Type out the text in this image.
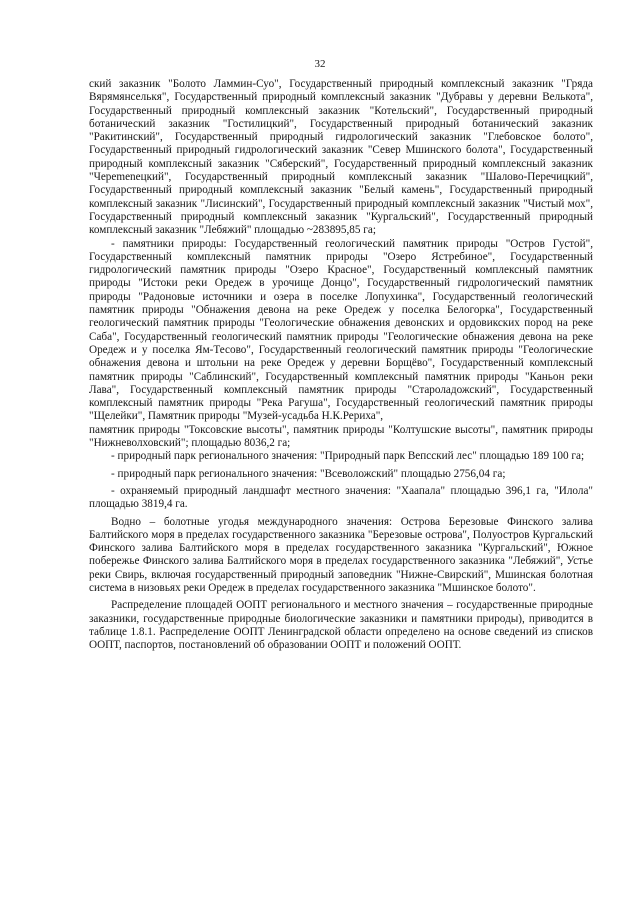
32

ский заказник "Болото Ламмин-Суо", Государственный природный комплексный заказник "Гряда Вярямянселькя", Государственный природный комплексный заказник "Дубравы у деревни Велькота", Государственный природный комплексный заказник "Котельский", Государственный природный ботанический заказник "Гостилицкий", Государственный природный ботанический заказник "Ракитинский", Государственный природный гидрологический заказник "Глебовское болото", Государственный природный гидрологический заказник "Север Мшинского болота", Государственный природный комплексный заказник "Сяберский", Государственный природный комплексный заказник "Черemeneцкий", Государственный природный комплексный заказник "Шалово-Перечицкий", Государственный природный комплексный заказник "Белый камень", Государственный природный комплексный заказник "Лисинский", Государственный природный комплексный заказник "Чистый мох", Государственный природный комплексный заказник "Кургальский", Государственный природный комплексный заказник "Лебяжий" площадью ~283895,85 га;

- памятники природы: Государственный геологический памятник природы "Остров Густой", Государственный комплексный памятник природы "Озеро Ястребиное", Государственный гидрологический памятник природы "Озеро Красное", Государственный комплексный памятник природы "Истоки реки Оредеж в урочище Донцо", Государственный гидрологический памятник природы "Радоновые источники и озера в поселке Лопухинка", Государственный геологический памятник природы "Обнажения девона на реке Оредеж у поселка Белогорка", Государственный геологический памятник природы "Геологические обнажения девонских и ордовикских пород на реке Саба", Государственный геологический памятник природы "Геологические обнажения девона на реке Оредеж и у поселка Ям-Тесово", Государственный геологический памятник природы "Геологические обнажения девона и штольни на реке Оредеж у деревни Борщёво", Государственный комплексный памятник природы "Саблинский", Государственный комплексный памятник природы "Каньон реки Лава", Государственный комплексный памятник природы "Староладожский", Государственный комплексный памятник природы "Река Рагуша", Государственный геологический памятник природы "Щелейки", Памятник природы "Музей-усадьба Н.К.Рериха",

памятник природы "Токсовские высоты", памятник природы "Колтушские высоты", памятник природы "Нижневолховский"; площадью 8036,2 га;

- природный парк регионального значения: "Природный парк Вепсский лес" площадью 189 100 га;

- природный парк регионального значения: "Всеволожский" площадью 2756,04 га;

- охраняемый природный ландшафт местного значения: "Хаапала" площадью 396,1 га, "Илола" площадью 3819,4 га.

Водно – болотные угодья международного значения: Острова Березовые Финского залива Балтийского моря в пределах государственного заказника "Березовые острова", Полуостров Кургальский Финского залива Балтийского моря в пределах государственного заказника "Кургальский", Южное побережье Финского залива Балтийского моря в пределах государственного заказника "Лебяжий", Устье реки Свирь, включая государственный природный заповедник "Нижне-Свирский", Мшинская болотная система в низовьях реки Оредеж в пределах государственного заказника "Мшинское болото".

Распределение площадей ООПТ регионального и местного значения – государственные природные заказники, государственные природные биологические заказники и памятники природы), приводится в таблице 1.8.1. Распределение ООПТ Ленинградской области определено на основе сведений из списков ООПТ, паспортов, постановлений об образовании ООПТ и положений ООПТ.
